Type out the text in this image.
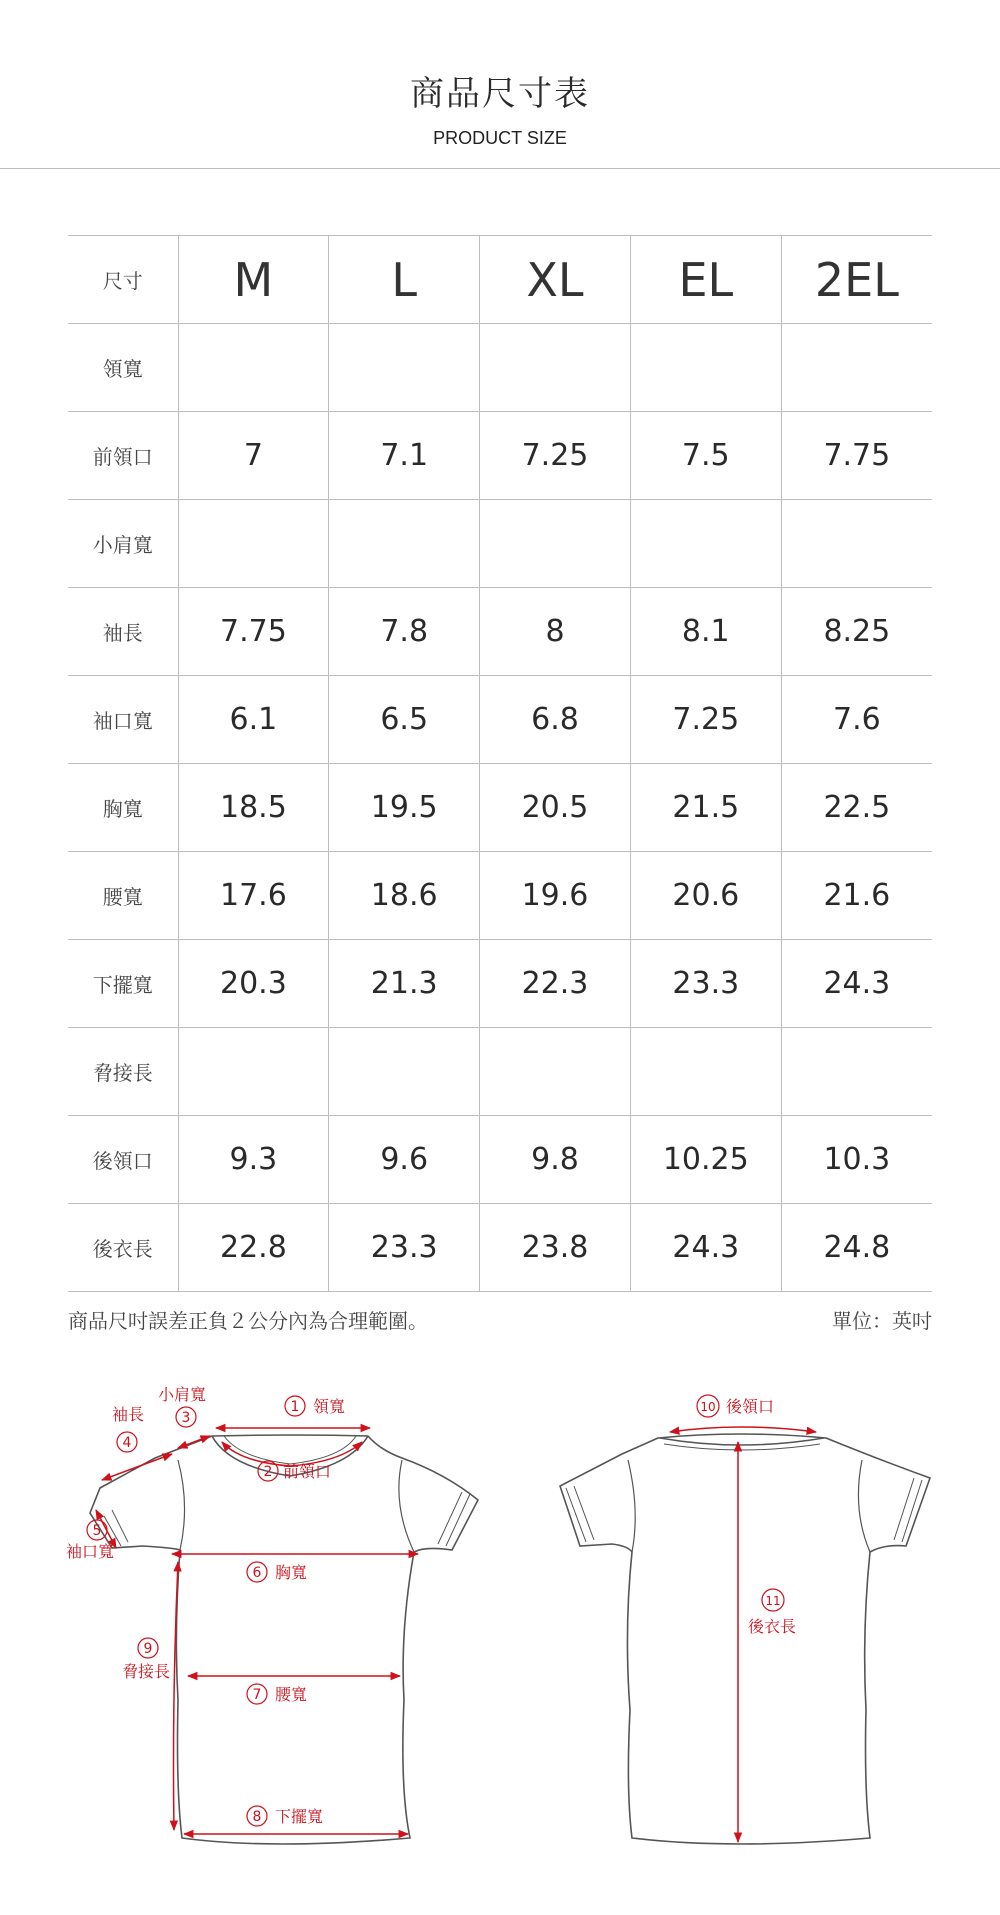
商品尺寸表
PRODUCT SIZE
尺寸	M	L	XL	EL	2EL
領寬					
前領口	7	7.1	7.25	7.5	7.75
小肩寬					
袖長	7.75	7.8	8	8.1	8.25
袖口寬	6.1	6.5	6.8	7.25	7.6
胸寬	18.5	19.5	20.5	21.5	22.5
腰寬	17.6	18.6	19.6	20.6	21.6
下擺寬	20.3	21.3	22.3	23.3	24.3
脅接長					
後領口	9.3	9.6	9.8	10.25	10.3
後衣長	22.8	23.3	23.8	24.3	24.8
商品尺吋誤差正負２公分內為合理範圍。	單位：英吋
小肩寬
3
袖長
4
1 領寬
2 前領口
5
袖口寬
6 胸寬
7 腰寬
8 下擺寬
9
脅接長
10 後領口
11
後衣長
